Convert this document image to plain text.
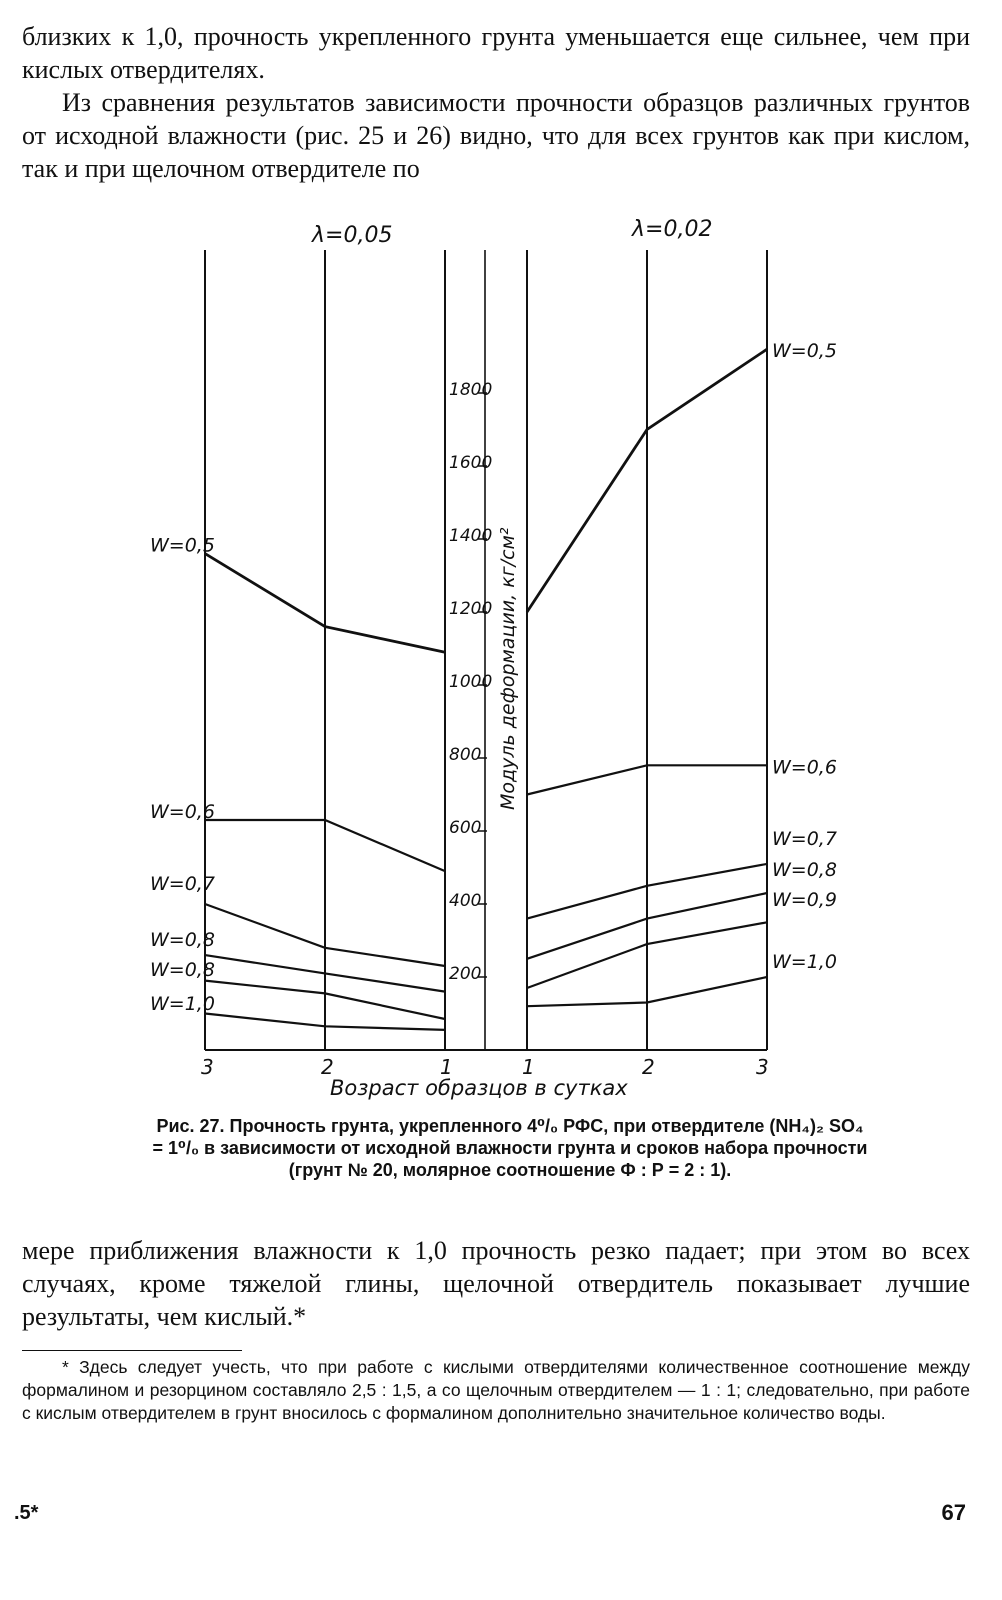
близких к 1,0, прочность укрепленного грунта уменьшается еще сильнее, чем при кислых отвердителях.
Из сравнения результатов зависимости прочности образцов различных грунтов от исходной влажности (рис. 25 и 26) видно, что для всех грунтов как при кислом, так и при щелочном отвердителе по

200
400
600
800
1000
1200
1400
1600
1800
3	2	1	1	2	3
W=0,5
W=0,6
W=0,7
W=0,8
W=0,8
W=1,0
W=0,5
W=0,6
W=0,7
W=0,8
W=0,9
W=1,0
λ=0,05	λ=0,02
Модуль деформации, кг/см²
Возраст образцов в сутках

Рис. 27. Прочность грунта, укрепленного 4⁰/₀ РФС, при отвердителе (NH₄)₂ SO₄ = 1⁰/₀ в зависимости от исходной влажности грунта и сроков набора прочности (грунт № 20, молярное соотношение Ф : Р = 2 : 1).

мере приближения влажности к 1,0 прочность резко падает; при этом во всех случаях, кроме тяжелой глины, щелочной отвердитель показывает лучшие результаты, чем кислый.*

* Здесь следует учесть, что при работе с кислыми отвердителями количественное соотношение между формалином и резорцином составляло 2,5 : 1,5, а со щелочным отвердителем — 1 : 1; следовательно, при работе с кислым отвердителем в грунт вносилось с формалином дополнительно значительное количество воды.

.5*	67
